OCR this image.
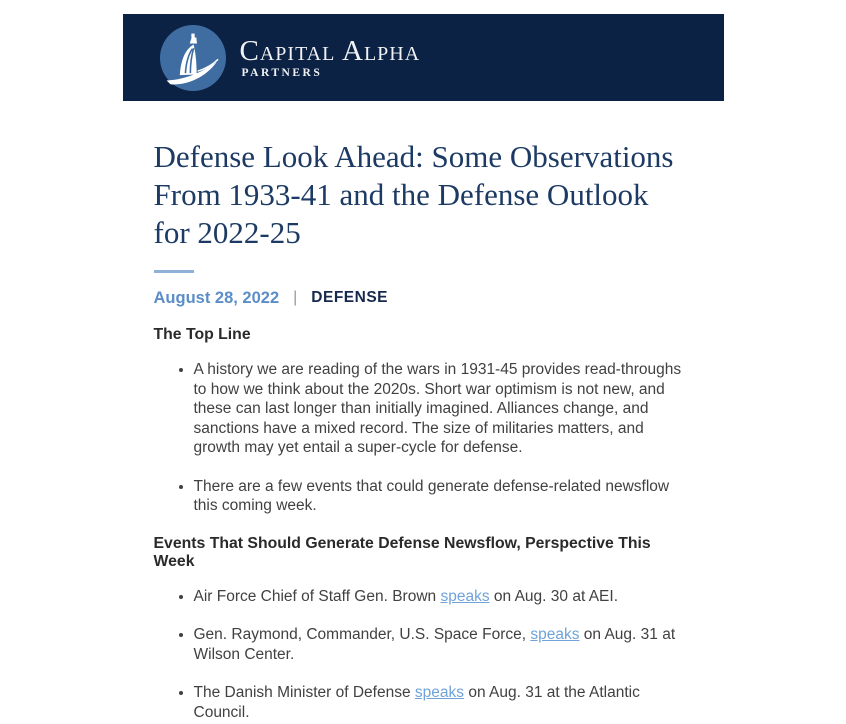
Capital Alpha
PARTNERS
Defense Look Ahead: Some Observations From 1933-41 and the Defense Outlook for 2022-25
August 28, 2022 | DEFENSE
The Top Line
• A history we are reading of the wars in 1931-45 provides read-throughs to how we think about the 2020s. Short war optimism is not new, and these can last longer than initially imagined. Alliances change, and sanctions have a mixed record. The size of militaries matters, and growth may yet entail a super-cycle for defense.
• There are a few events that could generate defense-related newsflow this coming week.
Events That Should Generate Defense Newsflow, Perspective This Week
• Air Force Chief of Staff Gen. Brown speaks on Aug. 30 at AEI.
• Gen. Raymond, Commander, U.S. Space Force, speaks on Aug. 31 at Wilson Center.
• The Danish Minister of Defense speaks on Aug. 31 at the Atlantic Council.
